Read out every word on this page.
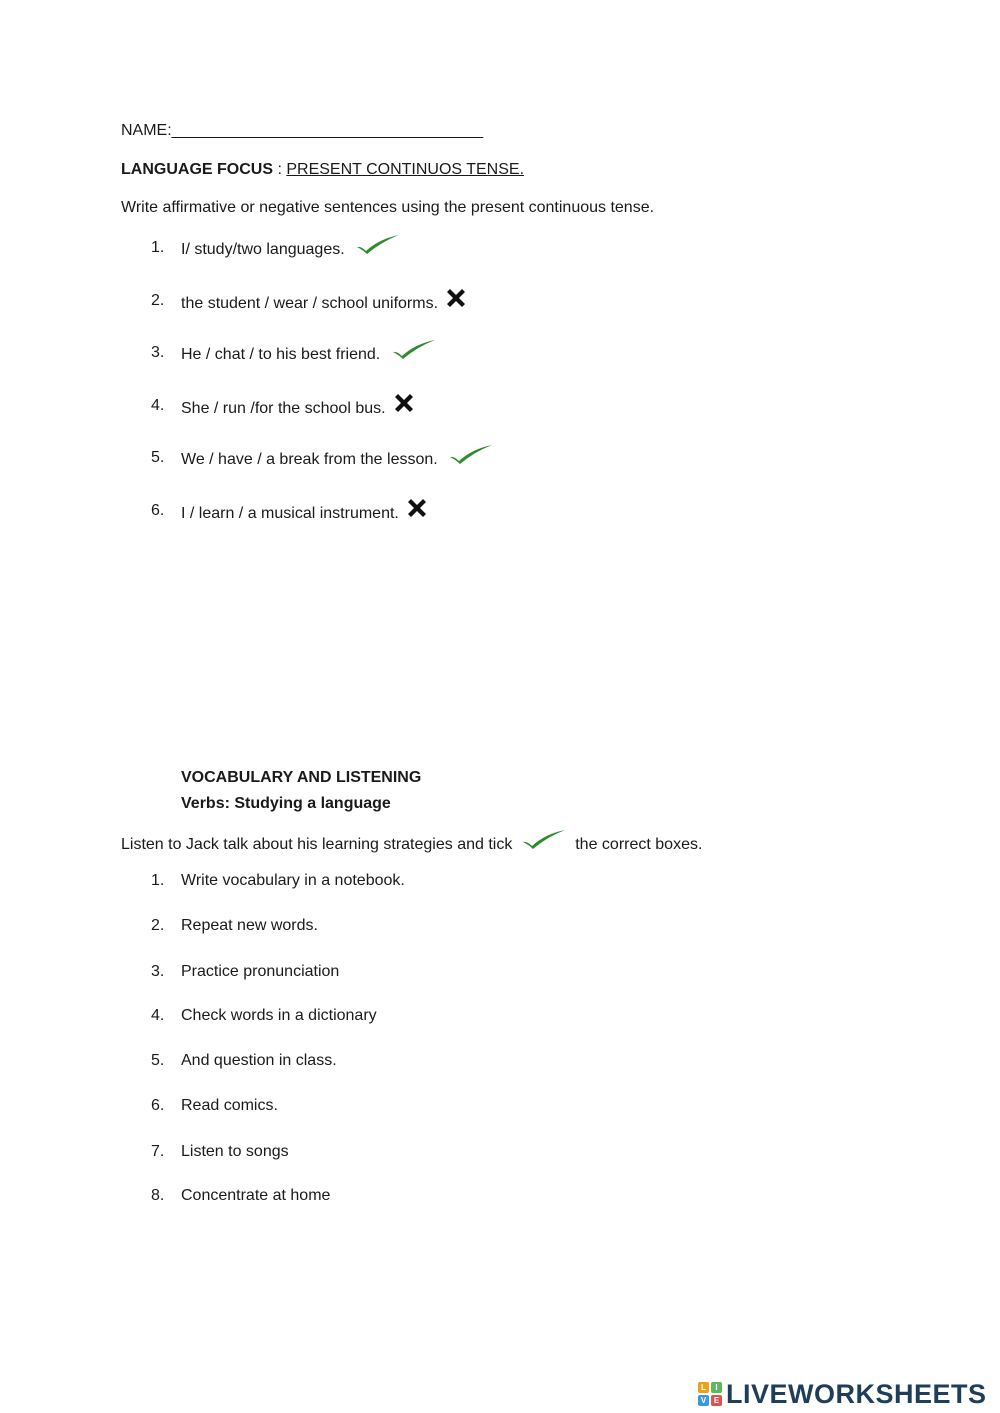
NAME:___________________________________
LANGUAGE FOCUS : PRESENT CONTINUOS TENSE.
Write affirmative or negative sentences using the present continuous tense.
1.	I/ study/two languages.
2.	the student / wear / school uniforms.
3.	He / chat / to his best friend.
4.	She / run /for the school bus.
5.	We / have / a break from the lesson.
6.	I / learn / a musical instrument.
VOCABULARY AND LISTENING
Verbs: Studying a language
Listen to Jack talk about his learning strategies and tick	the correct boxes.
1.	Write vocabulary in a notebook.
2.	Repeat new words.
3.	Practice pronunciation
4.	Check words in a dictionary
5.	And question in class.
6.	Read comics.
7.	Listen to songs
8.	Concentrate at home
L	I
V E LIVEWORKSHEETS
